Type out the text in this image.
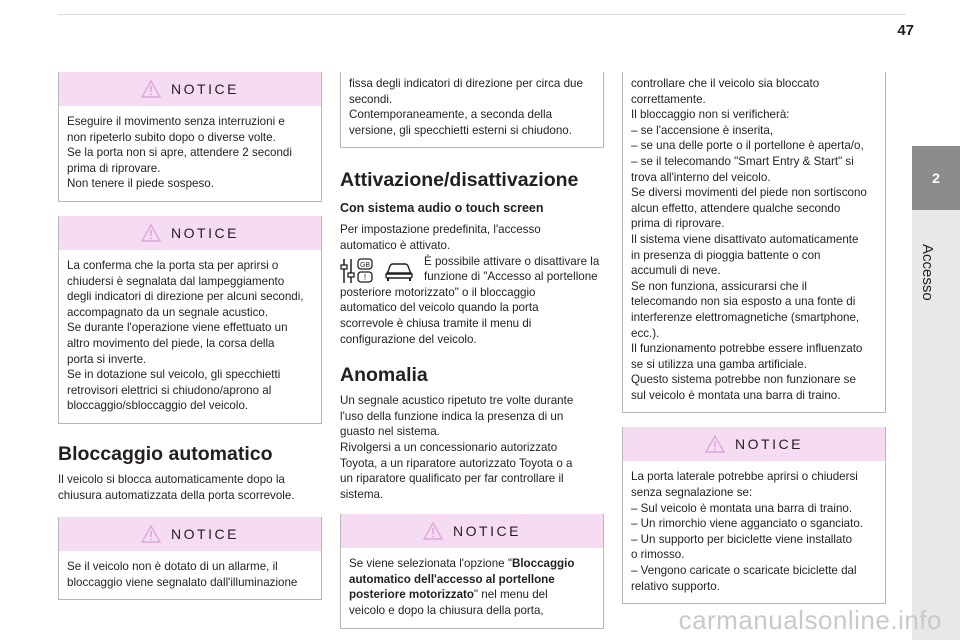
47
2
Accesso
NOTICE
Eseguire il movimento senza interruzioni e
non ripeterlo subito dopo o diverse volte.
Se la porta non si apre, attendere 2 secondi
prima di riprovare.
Non tenere il piede sospeso.
NOTICE
La conferma che la porta sta per aprirsi o
chiudersi è segnalata dal lampeggiamento
degli indicatori di direzione per alcuni secondi,
accompagnato da un segnale acustico.
Se durante l'operazione viene effettuato un
altro movimento del piede, la corsa della
porta si inverte.
Se in dotazione sul veicolo, gli specchietti
retrovisori elettrici si chiudono/aprono al
bloccaggio/sbloccaggio del veicolo.
Bloccaggio automatico
Il veicolo si blocca automaticamente dopo la
chiusura automatizzata della porta scorrevole.
NOTICE
Se il veicolo non è dotato di un allarme, il
bloccaggio viene segnalato dall'illuminazione
fissa degli indicatori di direzione per circa due
secondi.
Contemporaneamente, a seconda della
versione, gli specchietti esterni si chiudono.
Attivazione/disattivazione
Con sistema audio o touch screen
Per impostazione predefinita, l'accesso
automatico è attivato.
GB
!
È possibile attivare o disattivare la
funzione di "Accesso al portellone
posteriore motorizzato" o il bloccaggio
automatico del veicolo quando la porta
scorrevole è chiusa tramite il menu di
configurazione del veicolo.
Anomalia
Un segnale acustico ripetuto tre volte durante
l'uso della funzione indica la presenza di un
guasto nel sistema.
Rivolgersi a un concessionario autorizzato
Toyota, a un riparatore autorizzato Toyota o a
un riparatore qualificato per far controllare il
sistema.
NOTICE
Se viene selezionata l'opzione "Bloccaggio
automatico dell'accesso al portellone
posteriore motorizzato" nel menu del
veicolo e dopo la chiusura della porta,
controllare che il veicolo sia bloccato
correttamente.
Il bloccaggio non si verificherà:
– se l'accensione è inserita,
– se una delle porte o il portellone è aperta/o,
– se il telecomando "Smart Entry & Start" si
trova all'interno del veicolo.
Se diversi movimenti del piede non sortiscono
alcun effetto, attendere qualche secondo
prima di riprovare.
Il sistema viene disattivato automaticamente
in presenza di pioggia battente o con
accumuli di neve.
Se non funziona, assicurarsi che il
telecomando non sia esposto a una fonte di
interferenze elettromagnetiche (smartphone,
ecc.).
Il funzionamento potrebbe essere influenzato
se si utilizza una gamba artificiale.
Questo sistema potrebbe non funzionare se
sul veicolo è montata una barra di traino.
NOTICE
La porta laterale potrebbe aprirsi o chiudersi
senza segnalazione se:
– Sul veicolo è montata una barra di traino.
– Un rimorchio viene agganciato o sganciato.
– Un supporto per biciclette viene installato
o rimosso.
– Vengono caricate o scaricate biciclette dal
relativo supporto.
carmanualsonline.info
